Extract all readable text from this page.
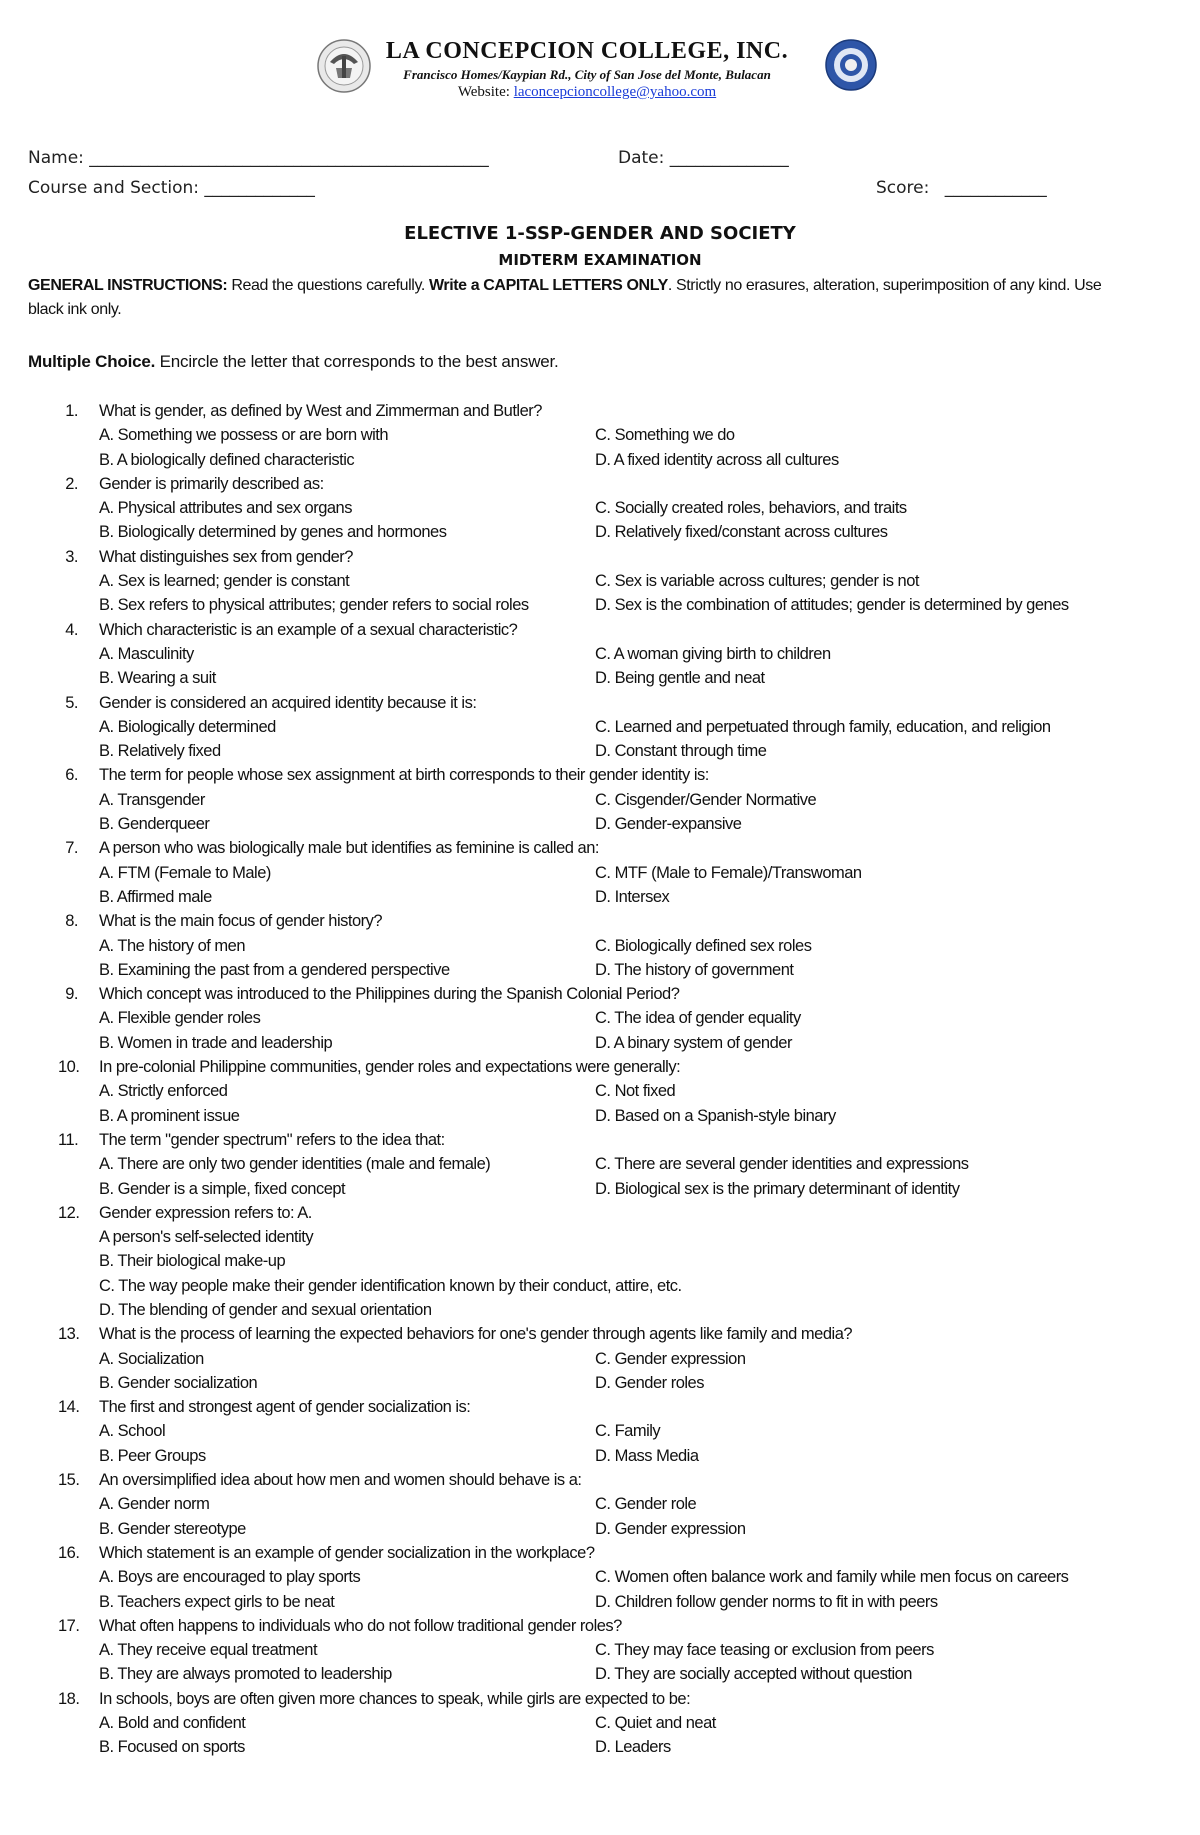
LA CONCEPCION COLLEGE, INC.
Francisco Homes/Kaypian Rd., City of San Jose del Monte, Bulacan
Website: laconcepcioncollege@yahoo.com
Name: _______________________________________________	Date: ______________
Course and Section: _____________	Score: ____________
ELECTIVE 1-SSP-GENDER AND SOCIETY
MIDTERM EXAMINATION
GENERAL INSTRUCTIONS: Read the questions carefully. Write a CAPITAL LETTERS ONLY. Strictly no erasures, alteration, superimposition of any kind. Use
black ink only.
Multiple Choice. Encircle the letter that corresponds to the best answer.
1. What is gender, as defined by West and Zimmerman and Butler?
A. Something we possess or are born with	C. Something we do
B. A biologically defined characteristic	D. A fixed identity across all cultures
2. Gender is primarily described as:
A. Physical attributes and sex organs	C. Socially created roles, behaviors, and traits
B. Biologically determined by genes and hormones	D. Relatively fixed/constant across cultures
3. What distinguishes sex from gender?
A. Sex is learned; gender is constant	C. Sex is variable across cultures; gender is not
B. Sex refers to physical attributes; gender refers to social roles	D. Sex is the combination of attitudes; gender is determined by genes
4. Which characteristic is an example of a sexual characteristic?
A. Masculinity	C. A woman giving birth to children
B. Wearing a suit	D. Being gentle and neat
5. Gender is considered an acquired identity because it is:
A. Biologically determined	C. Learned and perpetuated through family, education, and religion
B. Relatively fixed	D. Constant through time
6. The term for people whose sex assignment at birth corresponds to their gender identity is:
A. Transgender	C. Cisgender/Gender Normative
B. Genderqueer	D. Gender-expansive
7. A person who was biologically male but identifies as feminine is called an:
A. FTM (Female to Male)	C. MTF (Male to Female)/Transwoman
B. Affirmed male	D. Intersex
8. What is the main focus of gender history?
A. The history of men	C. Biologically defined sex roles
B. Examining the past from a gendered perspective	D. The history of government
9. Which concept was introduced to the Philippines during the Spanish Colonial Period?
A. Flexible gender roles	C. The idea of gender equality
B. Women in trade and leadership	D. A binary system of gender
10. In pre-colonial Philippine communities, gender roles and expectations were generally:
A. Strictly enforced	C. Not fixed
B. A prominent issue	D. Based on a Spanish-style binary
11. The term "gender spectrum" refers to the idea that:
A. There are only two gender identities (male and female)	C. There are several gender identities and expressions
B. Gender is a simple, fixed concept	D. Biological sex is the primary determinant of identity
12. Gender expression refers to: A.
A person's self-selected identity
B. Their biological make-up
C. The way people make their gender identification known by their conduct, attire, etc.
D. The blending of gender and sexual orientation
13. What is the process of learning the expected behaviors for one's gender through agents like family and media?
A. Socialization	C. Gender expression
B. Gender socialization	D. Gender roles
14. The first and strongest agent of gender socialization is:
A. School	C. Family
B. Peer Groups	D. Mass Media
15. An oversimplified idea about how men and women should behave is a:
A. Gender norm	C. Gender role
B. Gender stereotype	D. Gender expression
16. Which statement is an example of gender socialization in the workplace?
A. Boys are encouraged to play sports	C. Women often balance work and family while men focus on careers
B. Teachers expect girls to be neat	D. Children follow gender norms to fit in with peers
17. What often happens to individuals who do not follow traditional gender roles?
A. They receive equal treatment	C. They may face teasing or exclusion from peers
B. They are always promoted to leadership	D. They are socially accepted without question
18. In schools, boys are often given more chances to speak, while girls are expected to be:
A. Bold and confident	C. Quiet and neat
B. Focused on sports	D. Leaders
